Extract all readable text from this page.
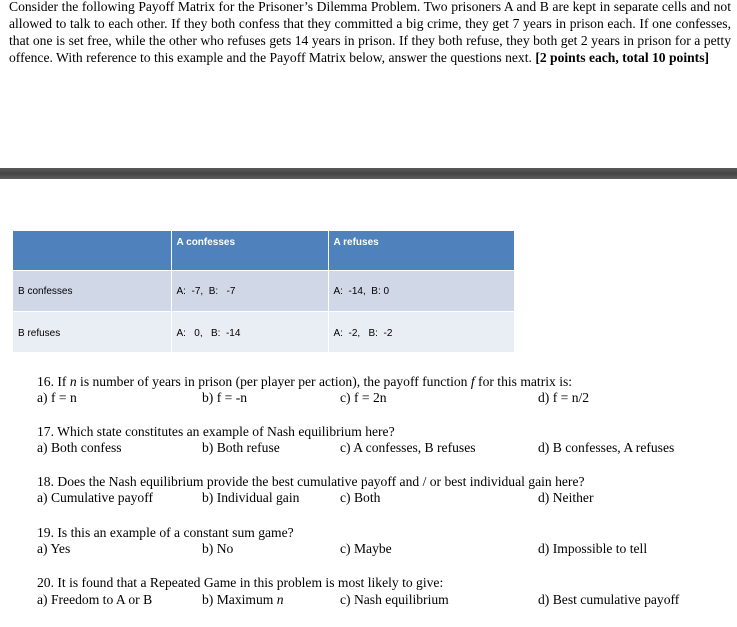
Consider the following Payoff Matrix for the Prisoner’s Dilemma Problem. Two prisoners A and B are kept in separate cells and not allowed to talk to each other. If they both confess that they committed a big crime, they get 7 years in prison each. If one confesses, that one is set free, while the other who refuses gets 14 years in prison. If they both refuse, they both get 2 years in prison for a petty offence. With reference to this example and the Payoff Matrix below, answer the questions next. [2 points each, total 10 points]
	A confesses	A refuses
B confesses	A:  -7,  B:   -7	A:  -14,  B: 0
B refuses	A:   0,   B:  -14	A:  -2,   B:  -2
16. If n is number of years in prison (per player per action), the payoff function f for this matrix is:
a) f = n	b) f = -n	c) f = 2n	d) f = n/2
17. Which state constitutes an example of Nash equilibrium here?
a) Both confess	b) Both refuse	c) A confesses, B refuses	d) B confesses, A refuses
18. Does the Nash equilibrium provide the best cumulative payoff and / or best individual gain here?
a) Cumulative payoff	b) Individual gain	c) Both	d) Neither
19. Is this an example of a constant sum game?
a) Yes	b) No	c) Maybe	d) Impossible to tell
20. It is found that a Repeated Game in this problem is most likely to give:
a) Freedom to A or B	b) Maximum n	c) Nash equilibrium	d) Best cumulative payoff
